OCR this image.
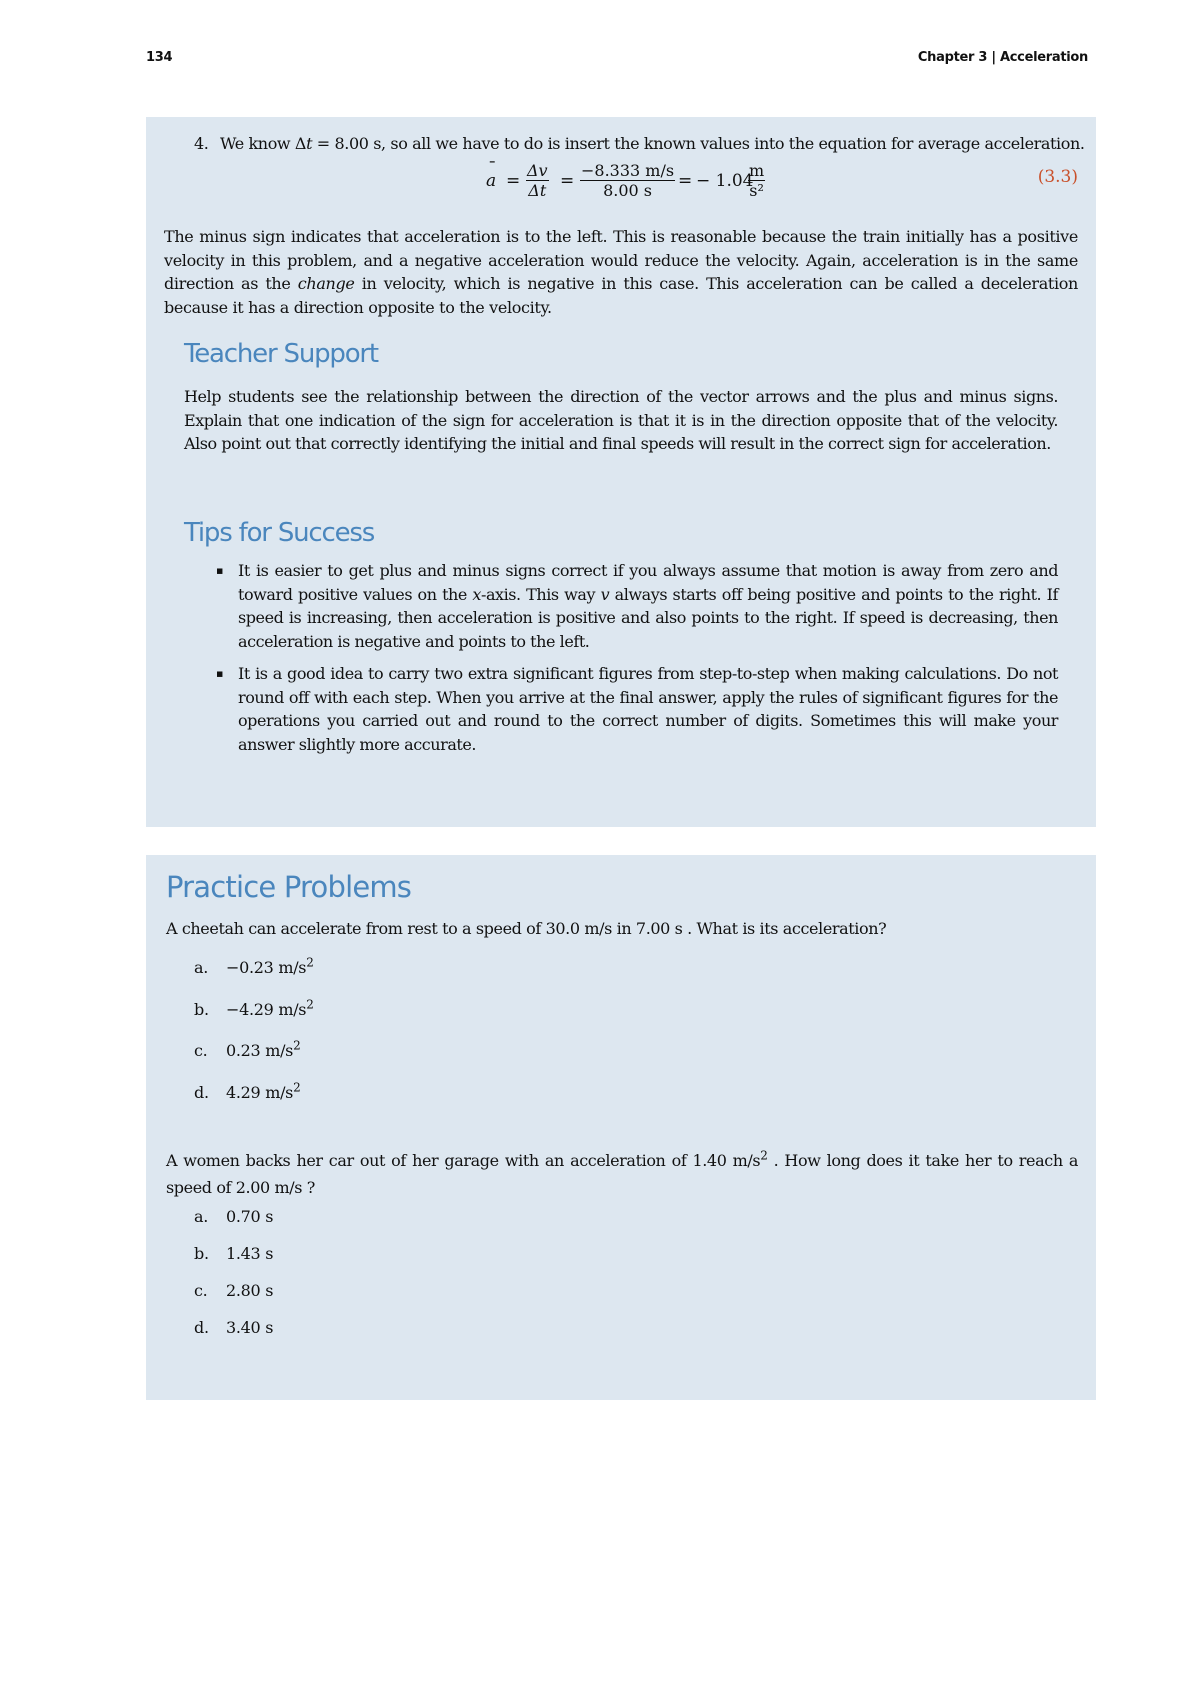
134	Chapter 3 | Acceleration
4. We know Δt = 8.00 s, so all we have to do is insert the known values into the equation for average acceleration.
¯ $a = \frac{\Delta v}{\Delta t} = \frac{-8.333 m/s}{8.00 s}$ = − 1.04
$\frac{m}{\text{s²}}$	(3.3)
The minus sign indicates that acceleration is to the left. This is reasonable because the train initially has a positive velocity in this problem, and a negative acceleration would reduce the velocity. Again, acceleration is in the same direction as the change in velocity, which is negative in this case. This acceleration can be called a deceleration because it has a direction opposite to the velocity.
Teacher Support
Help students see the relationship between the direction of the vector arrows and the plus and minus signs. Explain that one indication of the sign for acceleration is that it is in the direction opposite that of the velocity. Also point out that correctly identifying the initial and final speeds will result in the correct sign for acceleration.
Tips for Success
▪ It is easier to get plus and minus signs correct if you always assume that motion is away from zero and toward positive values on the x-axis. This way v always starts off being positive and points to the right. If speed is increasing, then acceleration is positive and also points to the right. If speed is decreasing, then acceleration is negative and points to the left.
▪ It is a good idea to carry two extra significant figures from step-to-step when making calculations. Do not round off with each step. When you arrive at the final answer, apply the rules of significant figures for the operations you carried out and round to the correct number of digits. Sometimes this will make your answer slightly more accurate.
Practice Problems
A cheetah can accelerate from rest to a speed of 30.0 m/s in 7.00 s . What is its acceleration?
a. −0.23 $m/s^2$
b. −4.29 $m/s^2$
c. 0.23 $m/s^2$
d. 4.29 $m/s^2$
A women backs her car out of her garage with an acceleration of 1.40 $m/s^2$ . How long does it take her to reach a speed of 2.00 m/s ?
a. 0.70 s
b. 1.43 s
c. 2.80 s
d. 3.40 s
